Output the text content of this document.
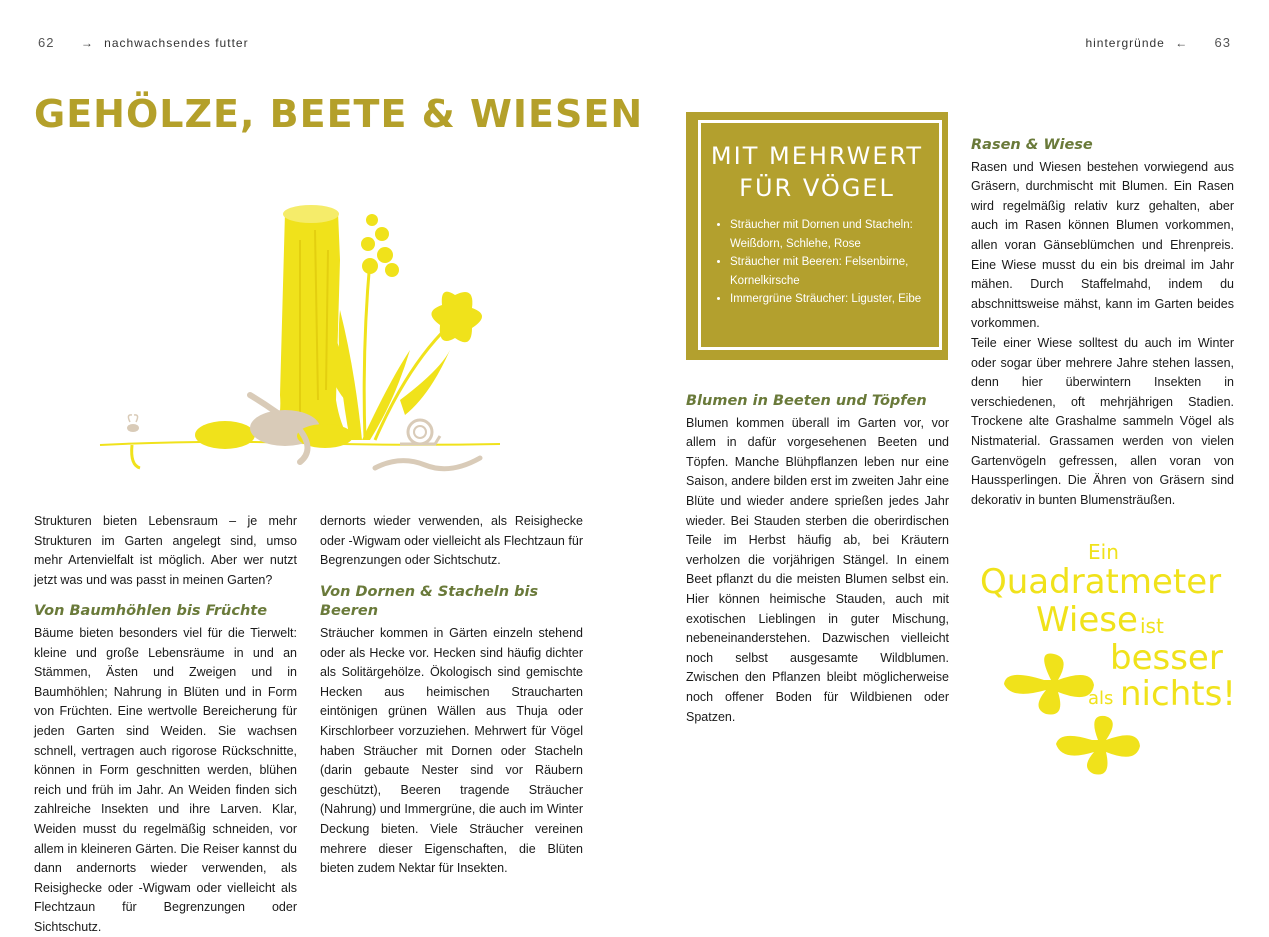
62 → nachwachsendes futter	hintergründe ← 63
GEHÖLZE, BEETE & WIESEN

Strukturen bieten Lebensraum – je mehr Strukturen im Garten angelegt sind, umso mehr Artenvielfalt ist möglich. Aber wer nutzt jetzt was und was passt in meinen Garten?

Von Baumhöhlen bis Früchte

Bäume bieten besonders viel für die Tierwelt: kleine und große Lebensräume in und an Stämmen, Ästen und Zweigen und in Baumhöhlen; Nahrung in Blüten und in Form von Früchten. Eine wertvolle Bereicherung für jeden Garten sind Weiden. Sie wachsen schnell, vertragen auch rigorose Rückschnitte, können in Form geschnitten werden, blühen reich und früh im Jahr. An Weiden finden sich zahlreiche Insekten und ihre Larven. Klar, Weiden musst du regelmäßig schneiden, vor allem in kleineren Gärten. Die Reiser kannst du dann andernorts wieder verwenden, als Reisighecke oder -Wigwam oder vielleicht als Flechtzaun für Begrenzungen oder Sichtschutz.

dernorts wieder verwenden, als Reisighecke oder -Wigwam oder vielleicht als Flechtzaun für Begrenzungen oder Sichtschutz.

Von Dornen & Stacheln bis Beeren

Sträucher kommen in Gärten einzeln stehend oder als Hecke vor. Hecken sind häufig dichter als Solitärgehölze. Ökologisch sind gemischte Hecken aus heimischen Straucharten eintönigen grünen Wällen aus Thuja oder Kirschlorbeer vorzuziehen. Mehrwert für Vögel haben Sträucher mit Dornen oder Stacheln (darin gebaute Nester sind vor Räubern geschützt), Beeren tragende Sträucher (Nahrung) und Immergrüne, die auch im Winter Deckung bieten. Viele Sträucher vereinen mehrere dieser Eigenschaften, die Blüten bieten zudem Nektar für Insekten.

MIT MEHRWERT
FÜR VÖGEL
• Sträucher mit Dornen und Stacheln: Weißdorn, Schlehe, Rose
• Sträucher mit Beeren: Felsenbirne, Kornelkirsche
• Immergrüne Sträucher: Liguster, Eibe
Blumen in Beeten und Töpfen

Blumen kommen überall im Garten vor, vor allem in dafür vorgesehenen Beeten und Töpfen. Manche Blühpflanzen leben nur eine Saison, andere bilden erst im zweiten Jahr eine Blüte und wieder andere sprießen jedes Jahr wieder. Bei Stauden sterben die oberirdischen Teile im Herbst häufig ab, bei Kräutern verholzen die vorjährigen Stängel. In einem Beet pflanzt du die meisten Blumen selbst ein. Hier können heimische Stauden, auch mit exotischen Lieblingen in guter Mischung, nebeneinanderstehen. Dazwischen vielleicht noch selbst ausgesamte Wildblumen. Zwischen den Pflanzen bleibt möglicherweise noch offener Boden für Wildbienen oder Spatzen.

Rasen & Wiese

Rasen und Wiesen bestehen vorwiegend aus Gräsern, durchmischt mit Blumen. Ein Rasen wird regelmäßig relativ kurz gehalten, aber auch im Rasen können Blumen vorkommen, allen voran Gänseblümchen und Ehrenpreis. Eine Wiese musst du ein bis dreimal im Jahr mähen. Durch Staffelmahd, indem du abschnittsweise mähst, kann im Garten beides vorkommen.

Teile einer Wiese solltest du auch im Winter oder sogar über mehrere Jahre stehen lassen, denn hier überwintern Insekten in verschiedenen, oft mehrjährigen Stadien. Trockene alte Grashalme sammeln Vögel als Nistmaterial. Grassamen werden von vielen Gartenvögeln gefressen, allen voran von Haussperlingen. Die Ähren von Gräsern sind dekorativ in bunten Blumensträußen.

Ein
Quadratmeter
Wiese ist
besser
als nichts!
